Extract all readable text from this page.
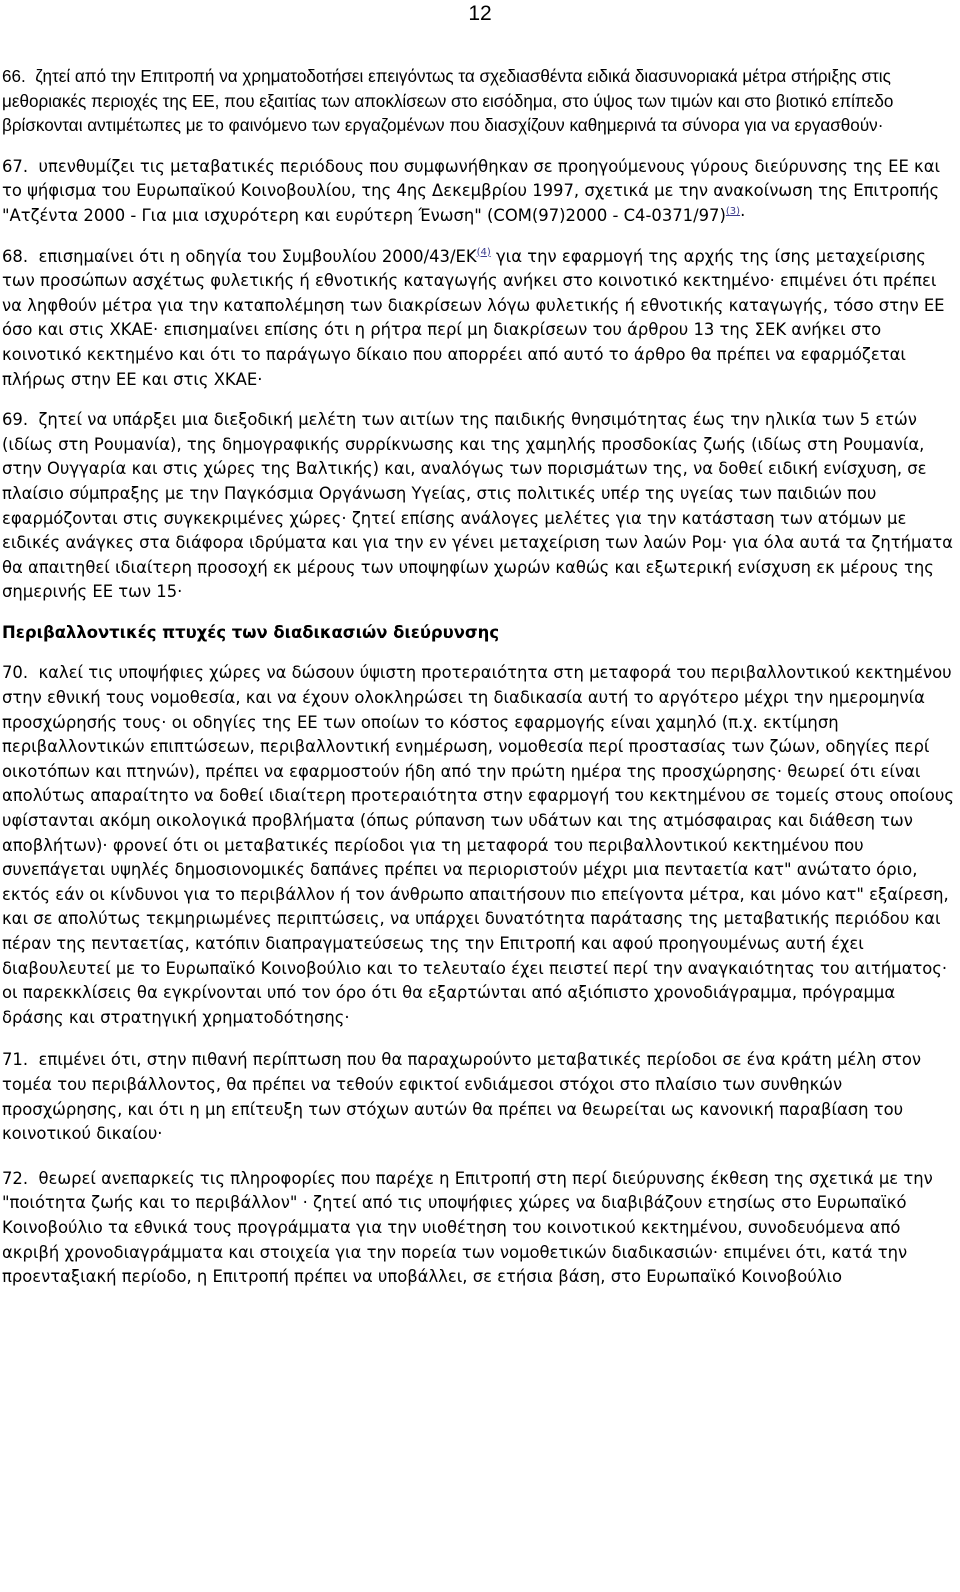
12
66. ζητεί από την Επιτροπή να χρηματοδοτήσει επειγόντως τα σχεδιασθέντα ειδικά διασυνοριακά μέτρα στήριξης στις μεθοριακές περιοχές της ΕΕ, που εξαιτίας των αποκλίσεων στο εισόδημα, στο ύψος των τιμών και στο βιοτικό επίπεδο βρίσκονται αντιμέτωπες με το φαινόμενο των εργαζομένων που διασχίζουν καθημερινά τα σύνορα για να εργασθούν·
67. υπενθυμίζει τις μεταβατικές περιόδους που συμφωνήθηκαν σε προηγούμενους γύρους διεύρυνσης της ΕΕ και το ψήφισμα του Ευρωπαϊκού Κοινοβουλίου, της 4ης Δεκεμβρίου 1997, σχετικά με την ανακοίνωση της Επιτροπής "Ατζέντα 2000 - Για μια ισχυρότερη και ευρύτερη Ένωση" (COM(97)2000 - C4-0371/97)$^{(3)}$·
68. επισημαίνει ότι η οδηγία του Συμβουλίου 2000/43/ΕΚ$^{(4)}$ για την εφαρμογή της αρχής της ίσης μεταχείρισης των προσώπων ασχέτως φυλετικής ή εθνοτικής καταγωγής ανήκει στο κοινοτικό κεκτημένο· επιμένει ότι πρέπει να ληφθούν μέτρα για την καταπολέμηση των διακρίσεων λόγω φυλετικής ή εθνοτικής καταγωγής, τόσο στην ΕΕ όσο και στις ΧΚΑΕ· επισημαίνει επίσης ότι η ρήτρα περί μη διακρίσεων του άρθρου 13 της ΣΕΚ ανήκει στο κοινοτικό κεκτημένο και ότι το παράγωγο δίκαιο που απορρέει από αυτό το άρθρο θα πρέπει να εφαρμόζεται πλήρως στην ΕΕ και στις ΧΚΑΕ·
69. ζητεί να υπάρξει μια διεξοδική μελέτη των αιτίων της παιδικής θνησιμότητας έως την ηλικία των 5 ετών (ιδίως στη Ρουμανία), της δημογραφικής συρρίκνωσης και της χαμηλής προσδοκίας ζωής (ιδίως στη Ρουμανία, στην Ουγγαρία και στις χώρες της Βαλτικής) και, αναλόγως των πορισμάτων της, να δοθεί ειδική ενίσχυση, σε πλαίσιο σύμπραξης με την Παγκόσμια Οργάνωση Υγείας, στις πολιτικές υπέρ της υγείας των παιδιών που εφαρμόζονται στις συγκεκριμένες χώρες· ζητεί επίσης ανάλογες μελέτες για την κατάσταση των ατόμων με ειδικές ανάγκες στα διάφορα ιδρύματα και για την εν γένει μεταχείριση των λαών Ρομ· για όλα αυτά τα ζητήματα θα απαιτηθεί ιδιαίτερη προσοχή εκ μέρους των υποψηφίων χωρών καθώς και εξωτερική ενίσχυση εκ μέρους της σημερινής ΕΕ των 15·
Περιβαλλοντικές πτυχές των διαδικασιών διεύρυνσης
70. καλεί τις υποψήφιες χώρες να δώσουν ύψιστη προτεραιότητα στη μεταφορά του περιβαλλοντικού κεκτημένου στην εθνική τους νομοθεσία, και να έχουν ολοκληρώσει τη διαδικασία αυτή το αργότερο μέχρι την ημερομηνία προσχώρησής τους· οι οδηγίες της ΕΕ των οποίων το κόστος εφαρμογής είναι χαμηλό (π.χ. εκτίμηση περιβαλλοντικών επιπτώσεων, περιβαλλοντική ενημέρωση, νομοθεσία περί προστασίας των ζώων, οδηγίες περί οικοτόπων και πτηνών), πρέπει να εφαρμοστούν ήδη από την πρώτη ημέρα της προσχώρησης· θεωρεί ότι είναι απολύτως απαραίτητο να δοθεί ιδιαίτερη προτεραιότητα στην εφαρμογή του κεκτημένου σε τομείς στους οποίους υφίστανται ακόμη οικολογικά προβλήματα (όπως ρύπανση των υδάτων και της ατμόσφαιρας και διάθεση των αποβλήτων)· φρονεί ότι οι μεταβατικές περίοδοι για τη μεταφορά του περιβαλλοντικού κεκτημένου που συνεπάγεται υψηλές δημοσιονομικές δαπάνες πρέπει να περιοριστούν μέχρι μια πενταετία κατ" ανώτατο όριο, εκτός εάν οι κίνδυνοι για το περιβάλλον ή τον άνθρωπο απαιτήσουν πιο επείγοντα μέτρα, και μόνο κατ" εξαίρεση, και σε απολύτως τεκμηριωμένες περιπτώσεις, να υπάρχει δυνατότητα παράτασης της μεταβατικής περιόδου και πέραν της πενταετίας, κατόπιν διαπραγματεύσεως της την Επιτροπή και αφού προηγουμένως αυτή έχει διαβουλευτεί με το Ευρωπαϊκό Κοινοβούλιο και το τελευταίο έχει πειστεί περί την αναγκαιότητας του αιτήματος· οι παρεκκλίσεις θα εγκρίνονται υπό τον όρο ότι θα εξαρτώνται από αξιόπιστο χρονοδιάγραμμα, πρόγραμμα δράσης και στρατηγική χρηματοδότησης·
71. επιμένει ότι, στην πιθανή περίπτωση που θα παραχωρούντο μεταβατικές περίοδοι σε ένα κράτη μέλη στον τομέα του περιβάλλοντος, θα πρέπει να τεθούν εφικτοί ενδιάμεσοι στόχοι στο πλαίσιο των συνθηκών προσχώρησης, και ότι η μη επίτευξη των στόχων αυτών θα πρέπει να θεωρείται ως κανονική παραβίαση του κοινοτικού δικαίου·
72. θεωρεί ανεπαρκείς τις πληροφορίες που παρέχε η Επιτροπή στη περί διεύρυνσης έκθεση της σχετικά με την "ποιότητα ζωής και το περιβάλλον" · ζητεί από τις υποψήφιες χώρες να διαβιβάζουν ετησίως στο Ευρωπαϊκό Κοινοβούλιο τα εθνικά τους προγράμματα για την υιοθέτηση του κοινοτικού κεκτημένου, συνοδευόμενα από ακριβή χρονοδιαγράμματα και στοιχεία για την πορεία των νομοθετικών διαδικασιών· επιμένει ότι, κατά την προενταξιακή περίοδο, η Επιτροπή πρέπει να υποβάλλει, σε ετήσια βάση, στο Ευρωπαϊκό Κοινοβούλιο
